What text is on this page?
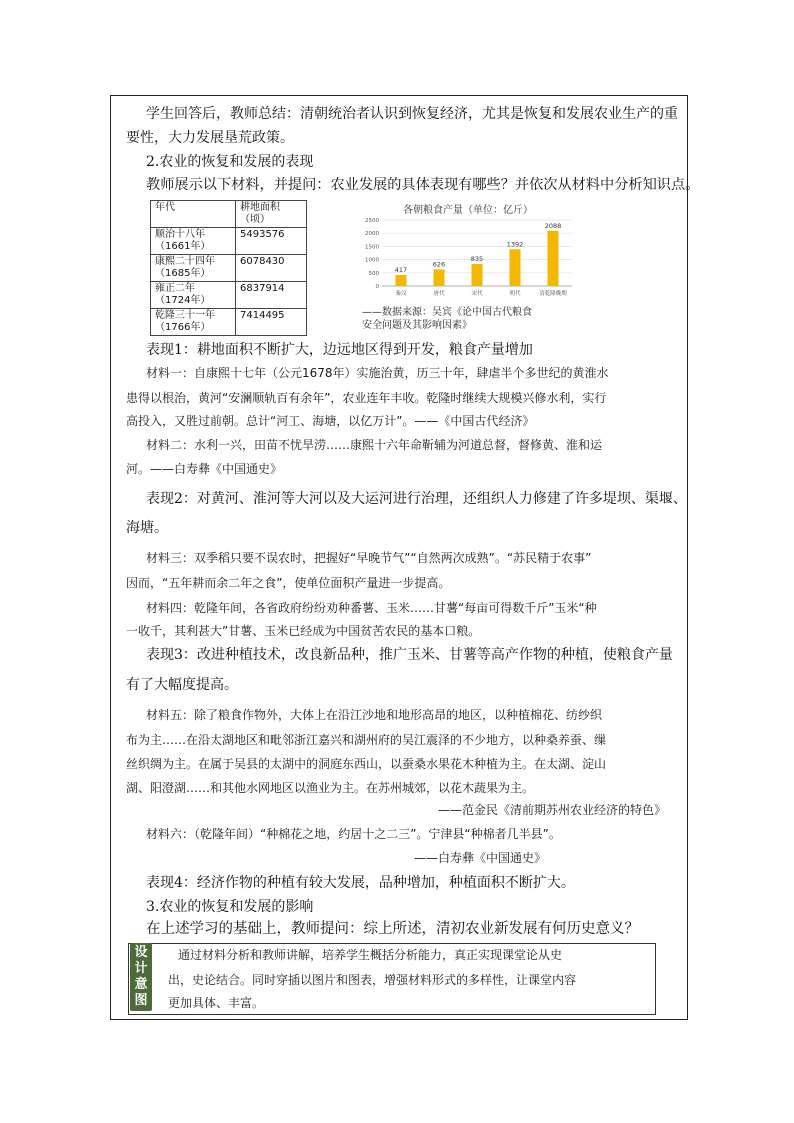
学生回答后，教师总结：清朝统治者认识到恢复经济，尤其是恢复和发展农业生产的重
要性，大力发展垦荒政策。
2.农业的恢复和发展的表现
教师展示以下材料，并提问：农业发展的具体表现有哪些？并依次从材料中分析知识点。
年代	耕地面积（顷）
顺治十八年
（1661年）	5493576
康熙二十四年
（1685年）	6078430
雍正二年
（1724年）	6837914
乾隆三十一年
（1766年）	7414495
各朝粮食产量（单位：亿斤）
0
500
1000
1500
2000
2500
417
秦汉
626
唐代
835
宋代
1392
明代
2088
清乾隆晚期
——数据来源：吴宾《论中国古代粮食
安全问题及其影响因素》
表现1：耕地面积不断扩大，边远地区得到开发，粮食产量增加
材料一：自康熙十七年（公元1678年）实施治黄，历三十年，肆虐半个多世纪的黄淮水
患得以根治，黄河“安澜顺轨百有余年”，农业连年丰收。乾隆时继续大规模兴修水利，实行
高投入，又胜过前朝。总计“河工、海塘，以亿万计”。——《中国古代经济》
材料二：水利一兴，田苗不忧旱涝……康熙十六年命靳辅为河道总督，督修黄、淮和运
河。——白寿彝《中国通史》
表现2：对黄河、淮河等大河以及大运河进行治理，还组织人力修建了许多堤坝、渠堰、
海塘。
材料三：双季稻只要不误农时，把握好“早晚节气”“自然两次成熟”。“苏民精于农事”
因而，“五年耕而余二年之食”，使单位面积产量进一步提高。
材料四：乾隆年间，各省政府纷纷劝种番薯、玉米……甘薯“每亩可得数千斤”玉米“种
一收千，其利甚大”甘薯、玉米已经成为中国贫苦农民的基本口粮。
表现3：改进种植技术，改良新品种，推广玉米、甘薯等高产作物的种植，使粮食产量
有了大幅度提高。
材料五：除了粮食作物外，大体上在沿江沙地和地形高昂的地区，以种植棉花、纺纱织
布为主……在沿太湖地区和毗邻浙江嘉兴和湖州府的吴江震泽的不少地方，以种桑养蚕、缫
丝织绸为主。在属于吴县的太湖中的洞庭东西山，以蚕桑水果花木种植为主。在太湖、淀山
湖、阳澄湖……和其他水网地区以渔业为主。在苏州城郊，以花木蔬果为主。
——范金民《清前期苏州农业经济的特色》
材料六：（乾隆年间）“种棉花之地，约居十之二三”。宁津县“种棉者几半县”。
——白寿彝《中国通史》
表现4：经济作物的种植有较大发展，品种增加，种植面积不断扩大。
3.农业的恢复和发展的影响
在上述学习的基础上，教师提问：综上所述，清初农业新发展有何历史意义？
设
计
意
图
通过材料分析和教师讲解，培养学生概括分析能力，真正实现课堂论从史
出，史论结合。同时穿插以图片和图表，增强材料形式的多样性，让课堂内容
更加具体、丰富。
